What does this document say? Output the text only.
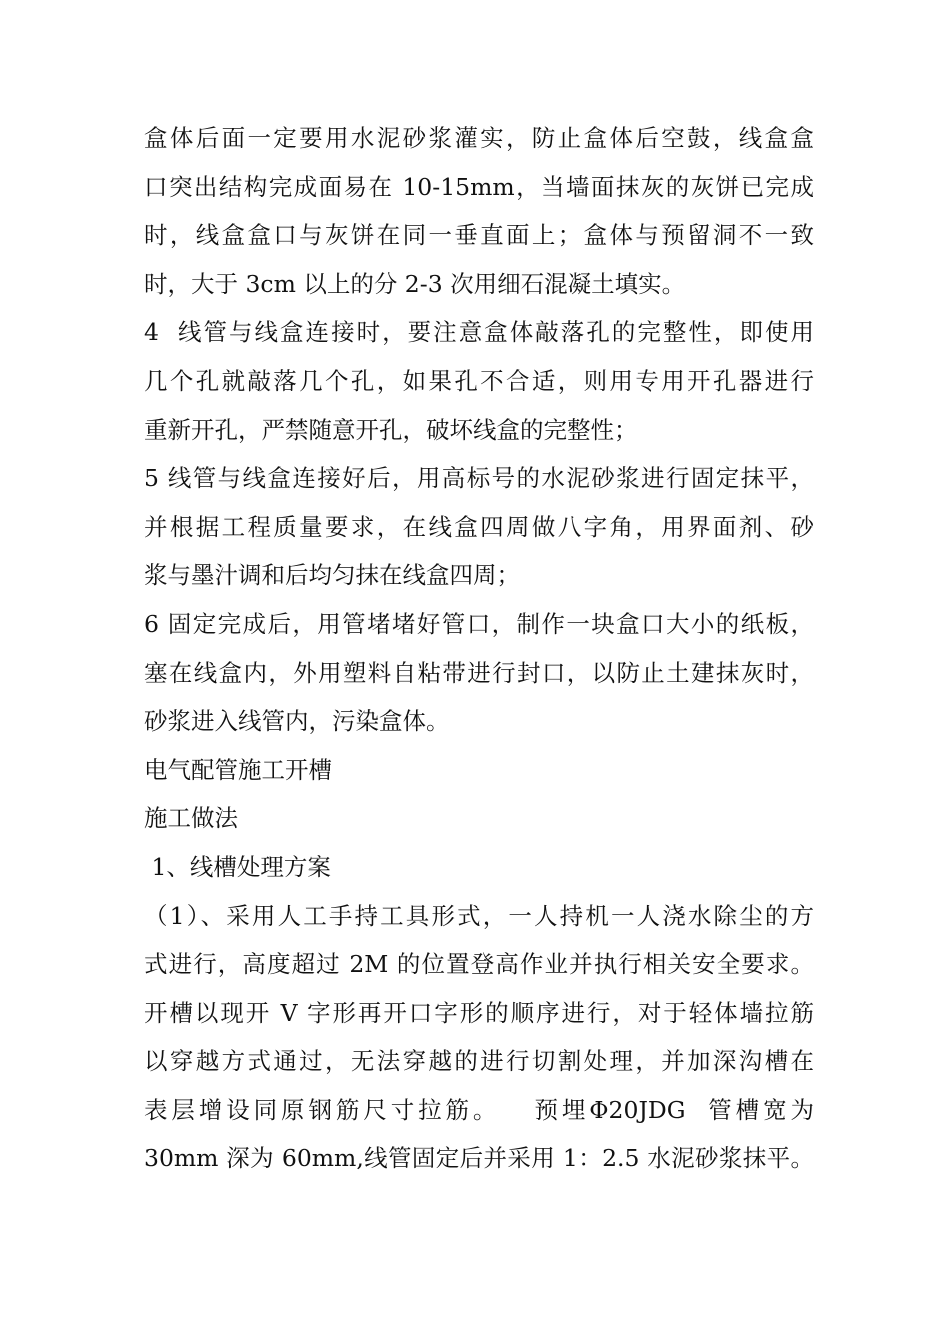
盒体后面一定要用水泥砂浆灌实，防止盒体后空鼓，线盒盒
口突出结构完成面易在 10-15mm，当墙面抹灰的灰饼已完成
时，线盒盒口与灰饼在同一垂直面上；盒体与预留洞不一致
时，大于 3cm 以上的分 2-3 次用细石混凝土填实。
4  线管与线盒连接时，要注意盒体敲落孔的完整性，即使用
几个孔就敲落几个孔，如果孔不合适，则用专用开孔器进行
重新开孔，严禁随意开孔，破坏线盒的完整性；
5 线管与线盒连接好后，用高标号的水泥砂浆进行固定抹平，
并根据工程质量要求，在线盒四周做八字角，用界面剂、砂
浆与墨汁调和后均匀抹在线盒四周；
6 固定完成后，用管堵堵好管口，制作一块盒口大小的纸板，
塞在线盒内，外用塑料自粘带进行封口，以防止土建抹灰时，
砂浆进入线管内，污染盒体。
电气配管施工开槽
施工做法
1、线槽处理方案
（1）、采用人工手持工具形式，一人持机一人浇水除尘的方
式进行，高度超过 2M 的位置登高作业并执行相关安全要求。
开槽以现开 V 字形再开口字形的顺序进行，对于轻体墙拉筋
以穿越方式通过，无法穿越的进行切割处理，并加深沟槽在
表层增设同原钢筋尺寸拉筋。   预埋Φ20JDG  管槽宽为
30mm 深为 60mm,线管固定后并采用 1：2.5 水泥砂浆抹平。
